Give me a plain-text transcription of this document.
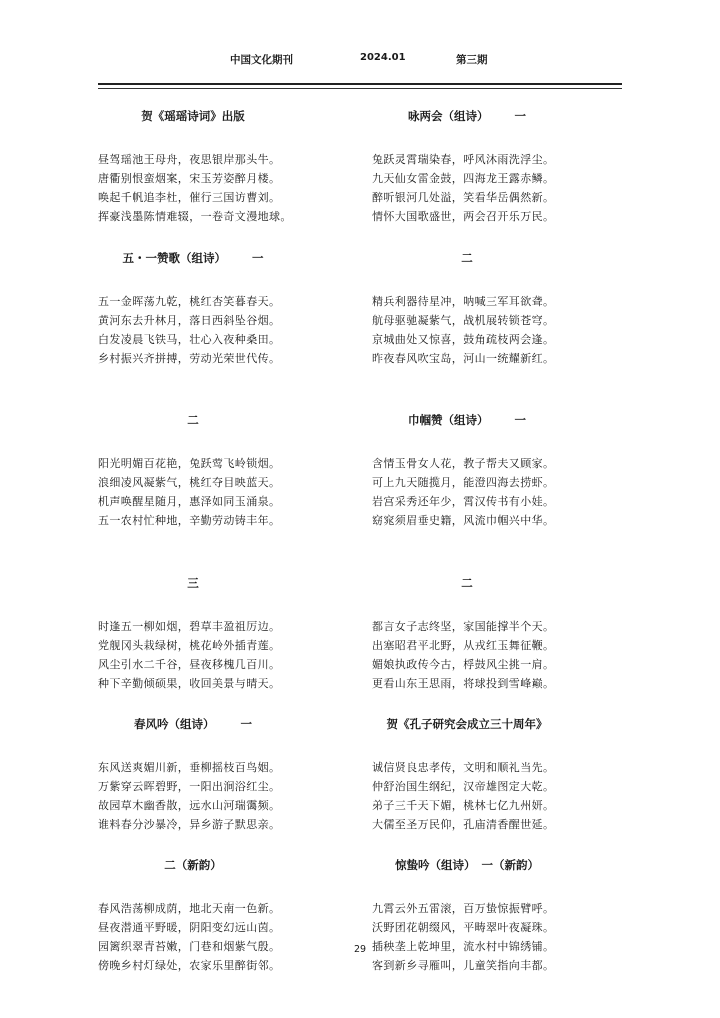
中国文化期刊	2024.01	第三期
贺《瑶瑶诗词》出版
昼驾瑶池王母舟，夜思银岸那头牛。
唐衢别恨蛮烟案，宋玉芳姿醉月楼。
唤起千帆追李杜，催行三国访曹刘。
挥豪浅墨陈情难辍，一卷奇文漫地球。
五・一赞歌（组诗） 一
五一金晖荡九乾，桃红杏笑暮春天。
黄河东去升林月，落日西斜坠谷烟。
白发凌晨飞铁马，壮心入夜种桑田。
乡村振兴齐拼搏，劳动光荣世代传。
二
阳光明媚百花艳，兔跃莺飞岭锁烟。
浪细凌风凝紫气，桃红夺目映蓝天。
机声唤醒星随月，惠泽如同玉涌泉。
五一农村忙种地，辛勤劳动铸丰年。
三
时逢五一柳如烟，碧草丰盈祖厉边。
党舰冈头栽绿树，桃花岭外插青莲。
风尘引水二千谷，昼夜移槐几百川。
种下辛勤倾硕果，收回美景与晴天。
春风吟（组诗） 一
东风送爽媚川新，垂柳摇枝百鸟姻。
万紫穿云晖碧野，一阳出涧浴红尘。
故园草木幽香散，远水山河瑞霭频。
谁料春分沙暴冷，异乡游子默思亲。
二（新韵）
春风浩荡柳成荫，地北天南一色新。
昼夜潜通平野暖，阴阳变幻远山茵。
园篱织翠青苔嫩，门巷和烟紫气殷。
傍晚乡村灯绿处，农家乐里醉街邻。
咏两会（组诗） 一
兔跃灵霄瑞染春，呼风沐雨洗浮尘。
九天仙女雷金鼓，四海龙王露赤鳞。
醉听银河几处溢，笑看华岳偶然新。
情怀大国歌盛世，两会召开乐万民。
二
精兵利器待星冲，呐喊三军耳欲聋。
航母驱驰凝紫气，战机展转锁苍穹。
京城曲处又惊喜，鼓角疏枝两会逢。
昨夜春风吹宝岛，河山一统耀新红。
巾帼赞（组诗） 一
含情玉骨女人花，教子帮夫又顾家。
可上九天随揽月，能澄四海去捞虾。
岩宫采秀还年少，霄汉传书有小娃。
窈窕须眉垂史籍，风流巾帼兴中华。
二
都言女子志终坚，家国能撑半个天。
出塞昭君平北野，从戎红玉舞征鞭。
媚娘执政传今古，桴鼓风尘挑一肩。
更看山东王思雨，将球投到雪峰巅。
贺《孔子研究会成立三十周年》
诚信贤良忠孝传，文明和顺礼当先。
仲舒治国生纲纪，汉帝雄图定大乾。
弟子三千天下媚，桃林七亿九州妍。
大儒至圣万民仰，孔庙清香醒世延。
惊蛰吟（组诗） 一（新韵）
九霄云外五雷滚，百万蛰惊振臂呼。
沃野团花朝缀风，平畴翠叶夜凝珠。
插秧垄上乾坤里，流水村中锦绣铺。
客到新乡寻雁叫，儿童笑指向丰都。
29
